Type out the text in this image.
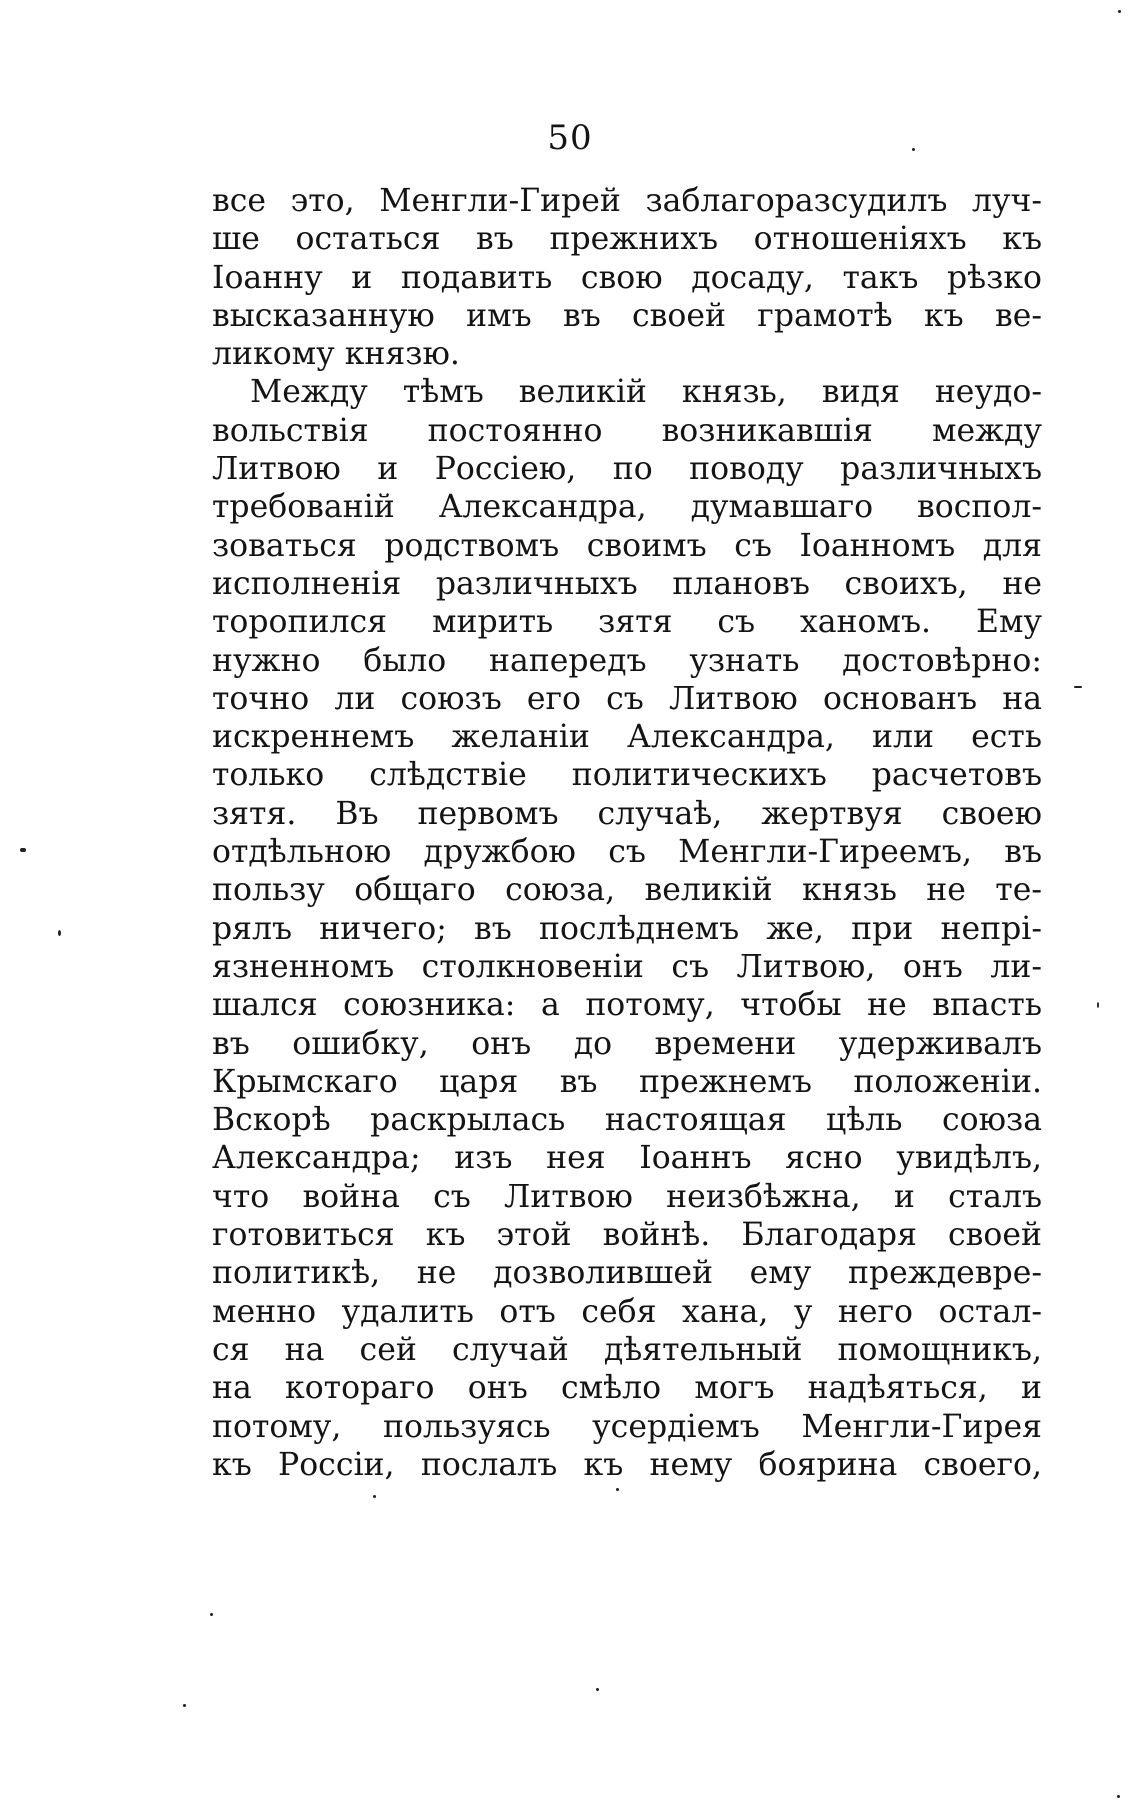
50
все это, Менгли-Гирей заблагоразсудилъ луч-
ше остаться въ прежнихъ отношеніяхъ къ
Іоанну и подавить свою досаду, такъ рѣзко
высказанную имъ въ своей грамотѣ къ ве-
ликому князю.
Между тѣмъ великій князь, видя неудо-
вольствія постоянно возникавшія между
Литвою и Россіею, по поводу различныхъ
требованій Александра, думавшаго воспол-
зоваться родствомъ своимъ съ Іоанномъ для
исполненія различныхъ плановъ своихъ, не
торопился мирить зятя съ ханомъ. Ему
нужно было напередъ узнать достовѣрно:
точно ли союзъ его съ Литвою основанъ на
искреннемъ желаніи Александра, или есть
только слѣдствіе политическихъ расчетовъ
зятя. Въ первомъ случаѣ, жертвуя своею
отдѣльною дружбою съ Менгли-Гиреемъ, въ
пользу общаго союза, великій князь не те-
рялъ ничего; въ послѣднемъ же, при непрі-
язненномъ столкновеніи съ Литвою, онъ ли-
шался союзника: а потому, чтобы не впасть
въ ошибку, онъ до времени удерживалъ
Крымскаго царя въ прежнемъ положеніи.
Вскорѣ раскрылась настоящая цѣль союза
Александра; изъ нея Іоаннъ ясно увидѣлъ,
что война съ Литвою неизбѣжна, и сталъ
готовиться къ этой войнѣ. Благодаря своей
политикѣ, не дозволившей ему преждевре-
менно удалить отъ себя хана, у него остал-
ся на сей случай дѣятельный помощникъ,
на котораго онъ смѣло могъ надѣяться, и
потому, пользуясь усердіемъ Менгли-Гирея
къ Россіи, послалъ къ нему боярина своего,
